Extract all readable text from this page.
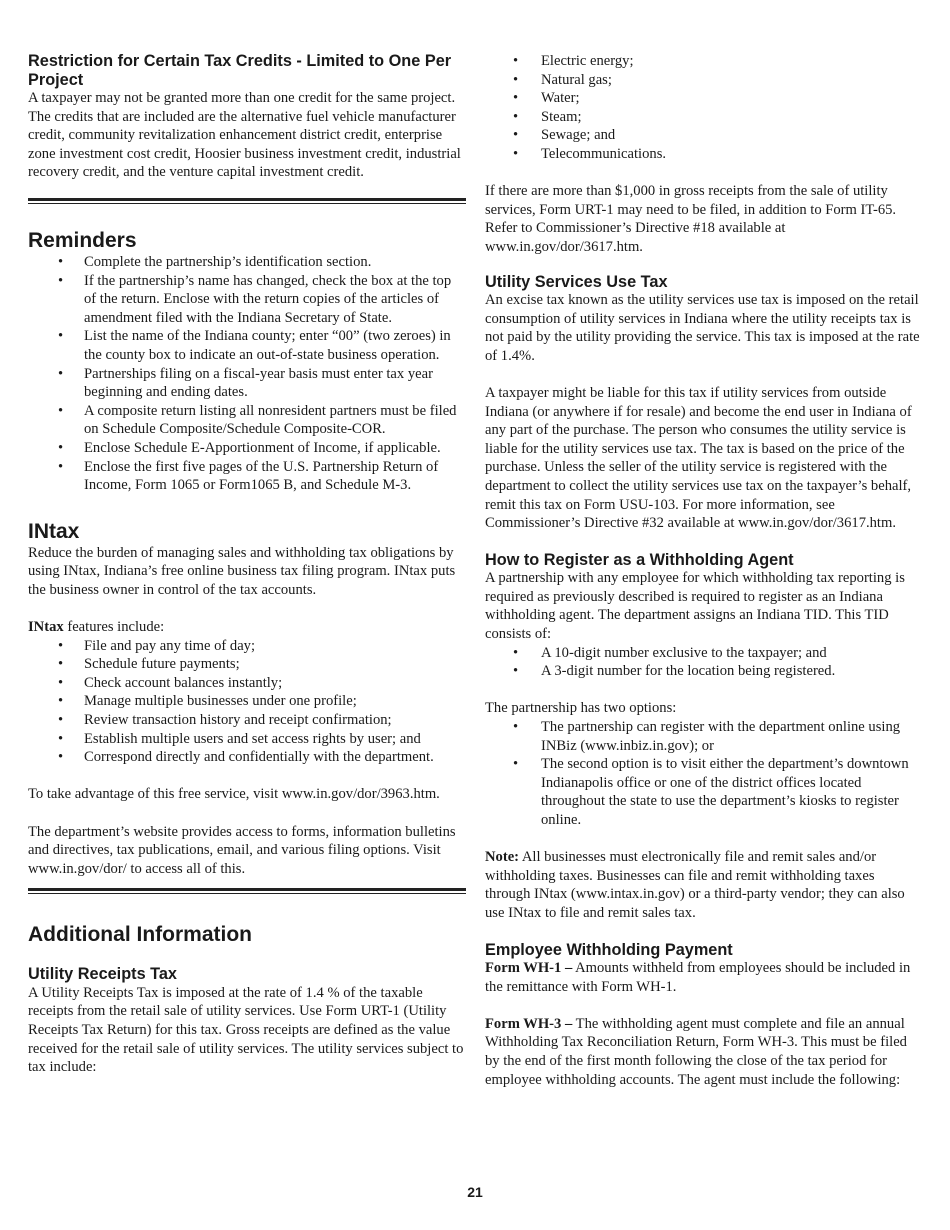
Restriction for Certain Tax Credits - Limited to One Per Project

A taxpayer may not be granted more than one credit for the same project. The credits that are included are the alternative fuel vehicle manufacturer credit, community revitalization enhancement district credit, enterprise zone investment cost credit, Hoosier business investment credit, industrial recovery credit, and the venture capital investment credit.

Reminders
• Complete the partnership’s identification section.
• If the partnership’s name has changed, check the box at the top of the return. Enclose with the return copies of the articles of amendment filed with the Indiana Secretary of State.
• List the name of the Indiana county; enter “00” (two zeroes) in the county box to indicate an out-of-state business operation.
• Partnerships filing on a fiscal-year basis must enter tax year beginning and ending dates.
• A composite return listing all nonresident partners must be filed on Schedule Composite/Schedule Composite-COR.
• Enclose Schedule E-Apportionment of Income, if applicable.
• Enclose the first five pages of the U.S. Partnership Return of Income, Form 1065 or Form1065 B, and Schedule M-3.
INtax

Reduce the burden of managing sales and withholding tax obligations by using INtax, Indiana’s free online business tax filing program. INtax puts the business owner in control of the tax accounts.

INtax features include:

• File and pay any time of day;
• Schedule future payments;
• Check account balances instantly;
• Manage multiple businesses under one profile;
• Review transaction history and receipt confirmation;
• Establish multiple users and set access rights by user; and
• Correspond directly and confidentially with the department.

To take advantage of this free service, visit www.in.gov/dor/3963.htm.

The department’s website provides access to forms, information bulletins and directives, tax publications, email, and various filing options. Visit www.in.gov/dor/ to access all of this.

Additional Information
Utility Receipts Tax

A Utility Receipts Tax is imposed at the rate of 1.4 % of the taxable receipts from the retail sale of utility services. Use Form URT-1 (Utility Receipts Tax Return) for this tax. Gross receipts are defined as the value received for the retail sale of utility services. The utility services subject to tax include:

• Electric energy;
• Natural gas;
• Water;
• Steam;
• Sewage; and
• Telecommunications.

If there are more than $1,000 in gross receipts from the sale of utility services, Form URT-1 may need to be filed, in addition to Form IT-65. Refer to Commissioner’s Directive #18 available at www.in.gov/dor/3617.htm.

Utility Services Use Tax

An excise tax known as the utility services use tax is imposed on the retail consumption of utility services in Indiana where the utility receipts tax is not paid by the utility providing the service. This tax is imposed at the rate of 1.4%.

A taxpayer might be liable for this tax if utility services from outside Indiana (or anywhere if for resale) and become the end user in Indiana of any part of the purchase. The person who consumes the utility service is liable for the utility services use tax. The tax is based on the price of the purchase. Unless the seller of the utility service is registered with the department to collect the utility services use tax on the taxpayer’s behalf, remit this tax on Form USU-103. For more information, see Commissioner’s Directive #32 available at www.in.gov/dor/3617.htm.

How to Register as a Withholding Agent

A partnership with any employee for which withholding tax reporting is required as previously described is required to register as an Indiana withholding agent. The department assigns an Indiana TID. This TID consists of:

• A 10-digit number exclusive to the taxpayer; and
• A 3-digit number for the location being registered.

The partnership has two options:

• The partnership can register with the department online using INBiz (www.inbiz.in.gov); or
• The second option is to visit either the department’s downtown Indianapolis office or one of the district offices located throughout the state to use the department’s kiosks to register online.

Note: All businesses must electronically file and remit sales and/or withholding taxes. Businesses can file and remit withholding taxes through INtax (www.intax.in.gov) or a third-party vendor; they can also use INtax to file and remit sales tax.

Employee Withholding Payment

Form WH-1 – Amounts withheld from employees should be included in the remittance with Form WH-1.

Form WH-3 – The withholding agent must complete and file an annual Withholding Tax Reconciliation Return, Form WH-3. This must be filed by the end of the first month following the close of the tax period for employee withholding accounts. The agent must include the following:

21
